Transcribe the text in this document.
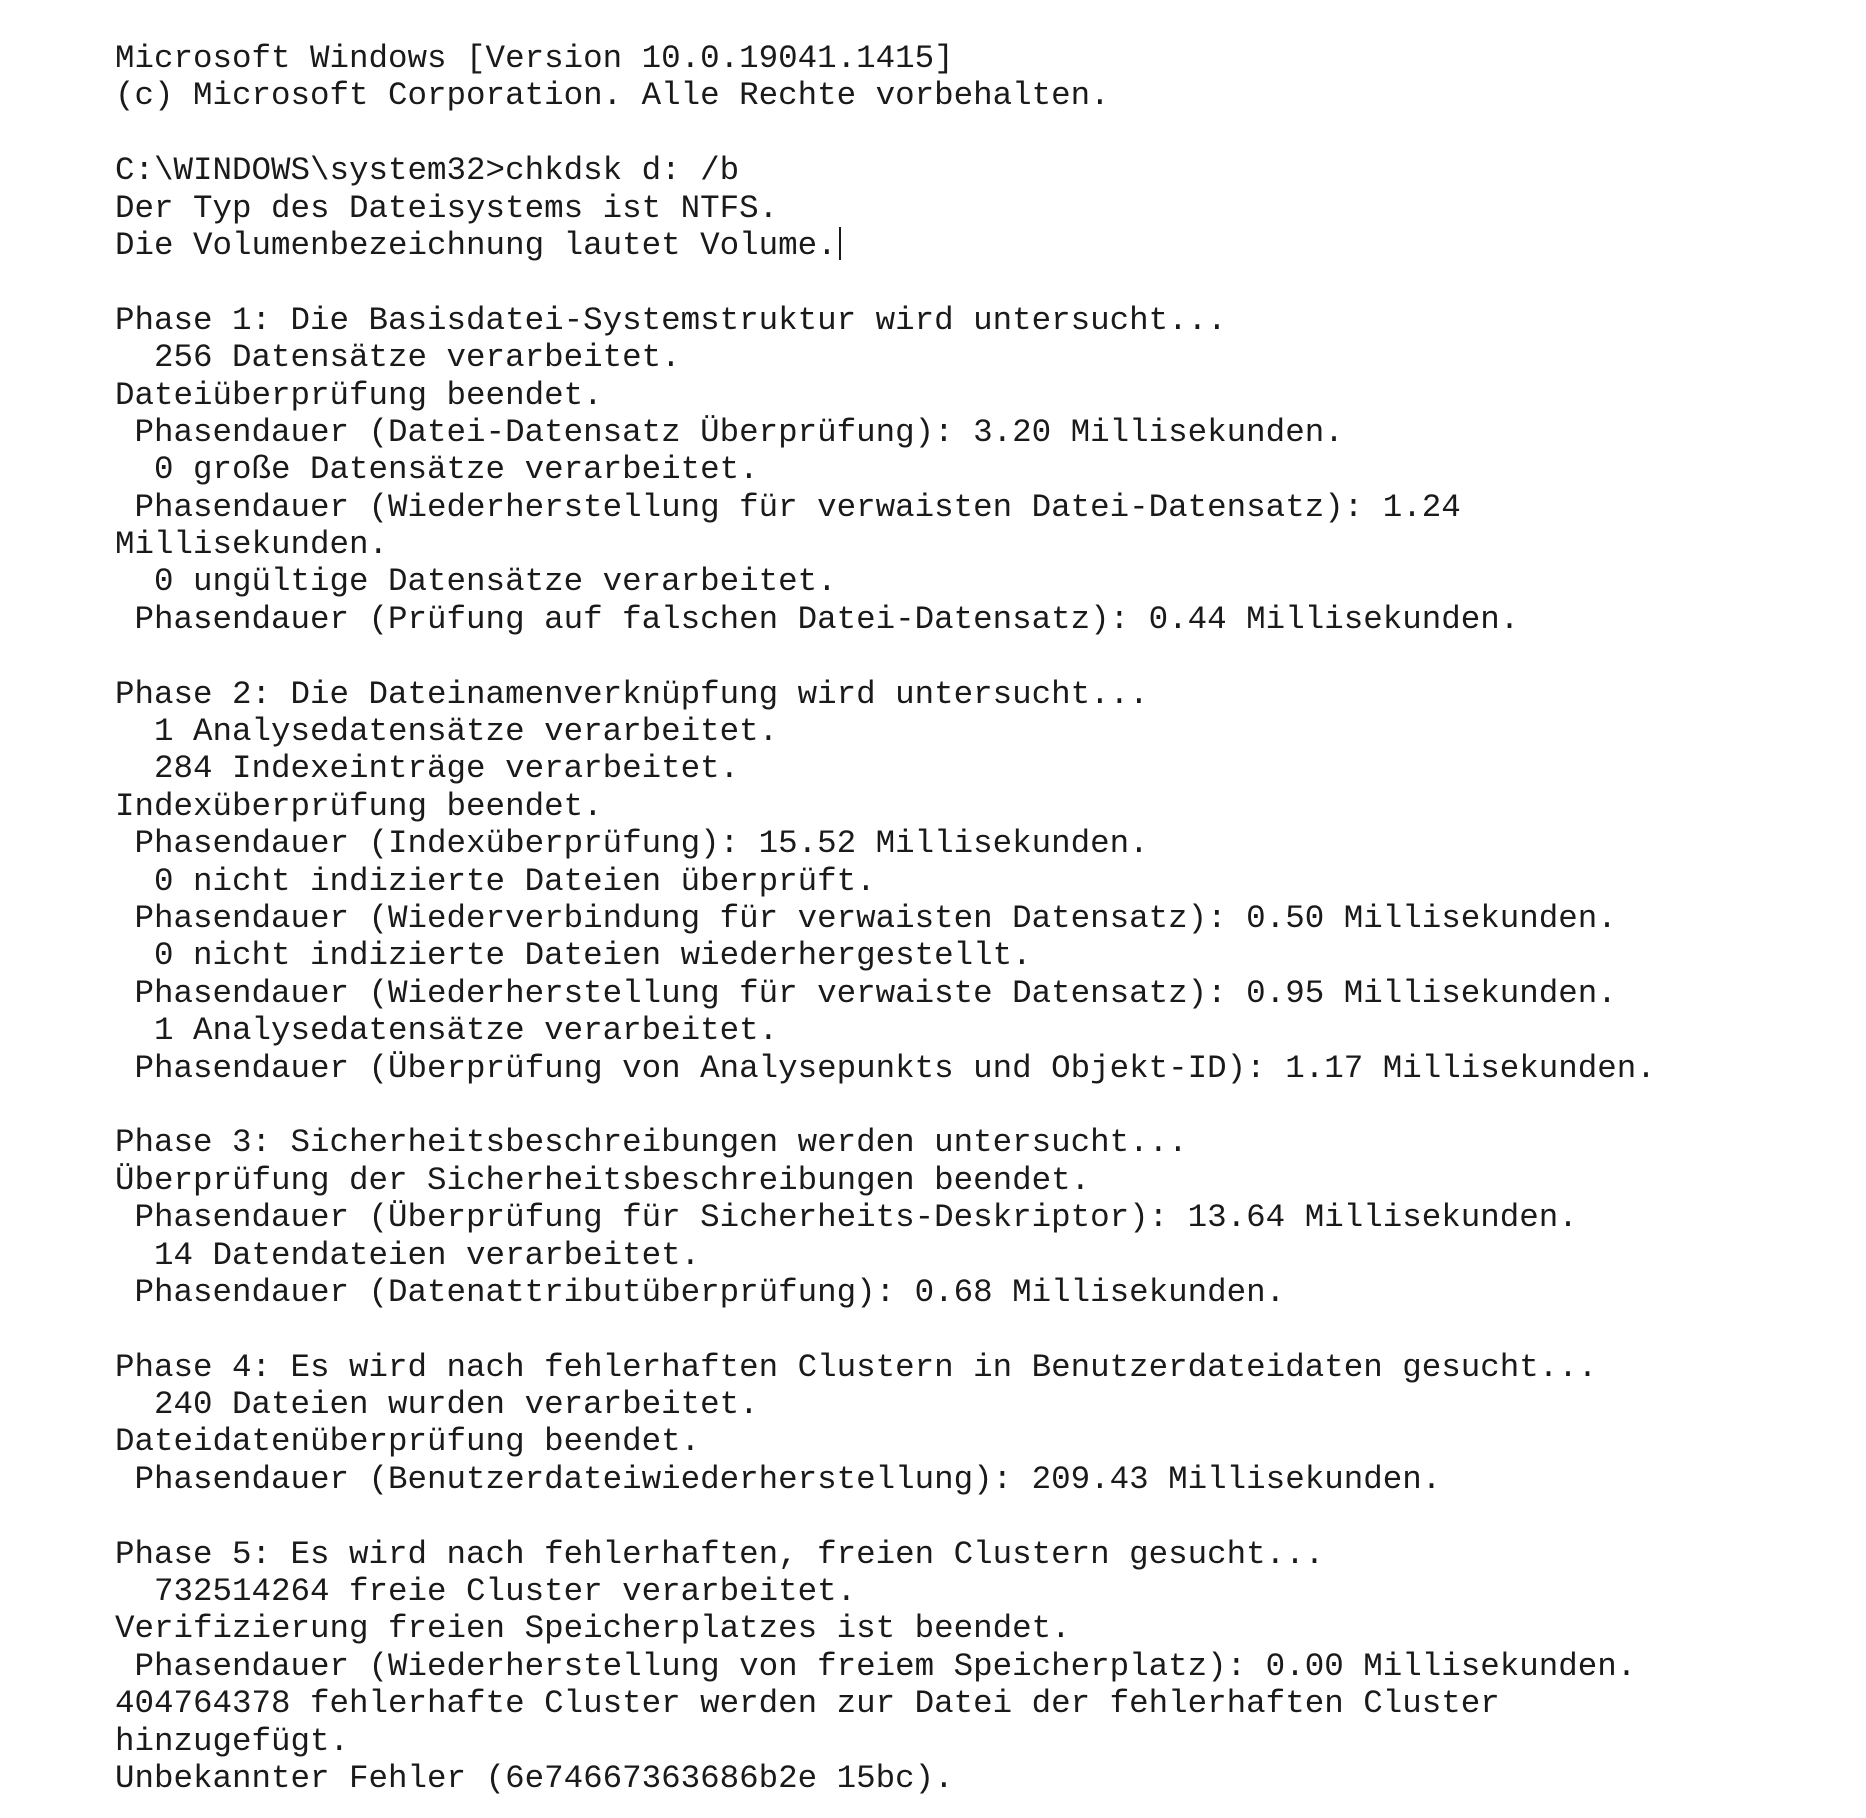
Microsoft Windows [Version 10.0.19041.1415]
(c) Microsoft Corporation. Alle Rechte vorbehalten.
C:\WINDOWS\system32>chkdsk d: /b
Der Typ des Dateisystems ist NTFS.
Die Volumenbezeichnung lautet Volume.
Phase 1: Die Basisdatei-Systemstruktur wird untersucht...
256 Datensätze verarbeitet.
Dateiüberprüfung beendet.
Phasendauer (Datei-Datensatz Überprüfung): 3.20 Millisekunden.
0 große Datensätze verarbeitet.
Phasendauer (Wiederherstellung für verwaisten Datei-Datensatz): 1.24
Millisekunden.
0 ungültige Datensätze verarbeitet.
Phasendauer (Prüfung auf falschen Datei-Datensatz): 0.44 Millisekunden.
Phase 2: Die Dateinamenverknüpfung wird untersucht...
1 Analysedatensätze verarbeitet.
284 Indexeinträge verarbeitet.
Indexüberprüfung beendet.
Phasendauer (Indexüberprüfung): 15.52 Millisekunden.
0 nicht indizierte Dateien überprüft.
Phasendauer (Wiederverbindung für verwaisten Datensatz): 0.50 Millisekunden.
0 nicht indizierte Dateien wiederhergestellt.
Phasendauer (Wiederherstellung für verwaiste Datensatz): 0.95 Millisekunden.
1 Analysedatensätze verarbeitet.
Phasendauer (Überprüfung von Analysepunkts und Objekt-ID): 1.17 Millisekunden.
Phase 3: Sicherheitsbeschreibungen werden untersucht...
Überprüfung der Sicherheitsbeschreibungen beendet.
Phasendauer (Überprüfung für Sicherheits-Deskriptor): 13.64 Millisekunden.
14 Datendateien verarbeitet.
Phasendauer (Datenattributüberprüfung): 0.68 Millisekunden.
Phase 4: Es wird nach fehlerhaften Clustern in Benutzerdateidaten gesucht...
240 Dateien wurden verarbeitet.
Dateidatenüberprüfung beendet.
Phasendauer (Benutzerdateiwiederherstellung): 209.43 Millisekunden.
Phase 5: Es wird nach fehlerhaften, freien Clustern gesucht...
732514264 freie Cluster verarbeitet.
Verifizierung freien Speicherplatzes ist beendet.
Phasendauer (Wiederherstellung von freiem Speicherplatz): 0.00 Millisekunden.
404764378 fehlerhafte Cluster werden zur Datei der fehlerhaften Cluster
hinzugefügt.
Unbekannter Fehler (6e74667363686b2e 15bc).
